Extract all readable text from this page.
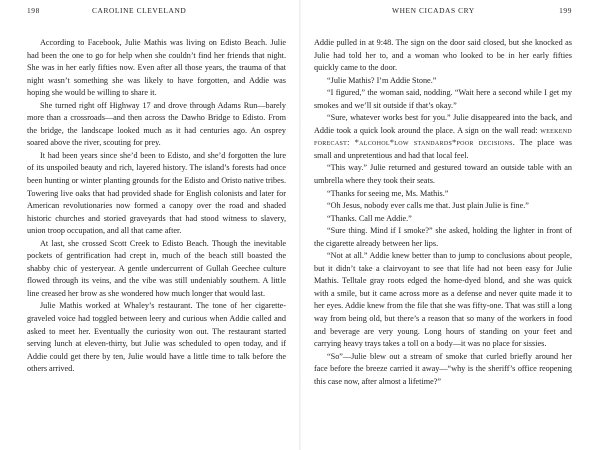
198	CAROLINE CLEVELAND

According to Facebook, Julie Mathis was living on Edisto Beach. Julie had been the one to go for help when she couldn’t find her friends that night. She was in her early fifties now. Even after all those years, the trauma of that night wasn’t something she was likely to have forgotten, and Addie was hoping she would be willing to share it.

She turned right off Highway 17 and drove through Adams Run—barely more than a crossroads—and then across the Dawho Bridge to Edisto. From the bridge, the landscape looked much as it had centuries ago. An osprey soared above the river, scouting for prey.

It had been years since she’d been to Edisto, and she’d forgotten the lure of its unspoiled beauty and rich, layered history. The island’s forests had once been hunting or winter planting grounds for the Edisto and Oristo native tribes. Towering live oaks that had provided shade for English colonists and later for American revolutionaries now formed a canopy over the road and shaded historic churches and storied graveyards that had stood witness to slavery, union troop occupation, and all that came after.

At last, she crossed Scott Creek to Edisto Beach. Though the inevitable pockets of gentrification had crept in, much of the beach still boasted the shabby chic of yesteryear. A gentle undercurrent of Gullah Geechee culture flowed through its veins, and the vibe was still undeniably southern. A little line creased her brow as she wondered how much longer that would last.

Julie Mathis worked at Whaley’s restaurant. The tone of her cigarette-graveled voice had toggled between leery and curious when Addie called and asked to meet her. Eventually the curiosity won out. The restaurant started serving lunch at eleven-thirty, but Julie was scheduled to open today, and if Addie could get there by ten, Julie would have a little time to talk before the others arrived.

WHEN CICADAS CRY	199

Addie pulled in at 9:48. The sign on the door said closed, but she knocked as Julie had told her to, and a woman who looked to be in her early fifties quickly came to the door.

“Julie Mathis? I’m Addie Stone.”

“I figured,” the woman said, nodding. “Wait here a second while I get my smokes and we’ll sit outside if that’s okay.”

“Sure, whatever works best for you.” Julie disappeared into the back, and Addie took a quick look around the place. A sign on the wall read: weekend forecast: *alcohol*low standards*poor decisions. The place was small and unpretentious and had that local feel.

“This way.” Julie returned and gestured toward an outside table with an umbrella where they took their seats.

“Thanks for seeing me, Ms. Mathis.”

“Oh Jesus, nobody ever calls me that. Just plain Julie is fine.”

“Thanks. Call me Addie.”

“Sure thing. Mind if I smoke?” she asked, holding the lighter in front of the cigarette already between her lips.

“Not at all.” Addie knew better than to jump to conclusions about people, but it didn’t take a clairvoyant to see that life had not been easy for Julie Mathis. Telltale gray roots edged the home-dyed blond, and she was quick with a smile, but it came across more as a defense and never quite made it to her eyes. Addie knew from the file that she was fifty-one. That was still a long way from being old, but there’s a reason that so many of the workers in food and beverage are very young. Long hours of standing on your feet and carrying heavy trays takes a toll on a body—it was no place for sissies.

“So”—Julie blew out a stream of smoke that curled briefly around her face before the breeze carried it away—“why is the sheriff’s office reopening this case now, after almost a lifetime?”
